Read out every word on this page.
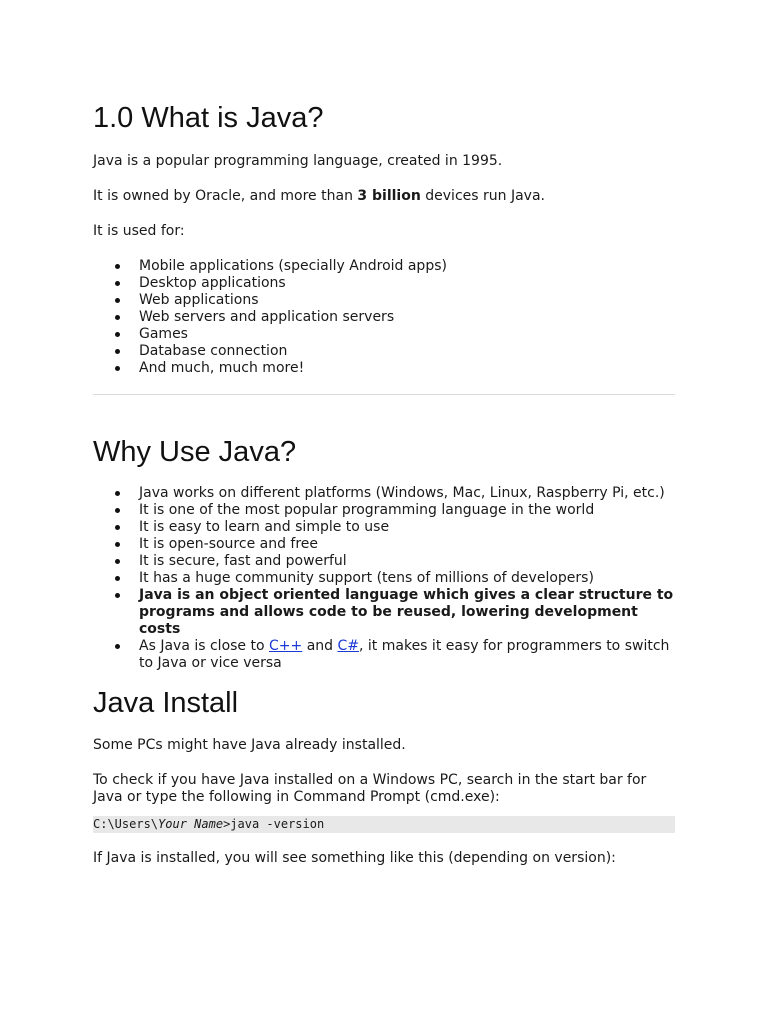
1.0 What is Java?

Java is a popular programming language, created in 1995.

It is owned by Oracle, and more than 3 billion devices run Java.

It is used for:

Mobile applications (specially Android apps)
Desktop applications
Web applications
Web servers and application servers
Games
Database connection
And much, much more!
Why Use Java?
Java works on different platforms (Windows, Mac, Linux, Raspberry Pi, etc.)
It is one of the most popular programming language in the world
It is easy to learn and simple to use
It is open-source and free
It is secure, fast and powerful
It has a huge community support (tens of millions of developers)
Java is an object oriented language which gives a clear structure to programs and allows code to be reused, lowering development costs
As Java is close to C++ and C#, it makes it easy for programmers to switch to Java or vice versa
Java Install

Some PCs might have Java already installed.

To check if you have Java installed on a Windows PC, search in the start bar for Java or type the following in Command Prompt (cmd.exe):

C:\Users\Your Name>java -version

If Java is installed, you will see something like this (depending on version):
